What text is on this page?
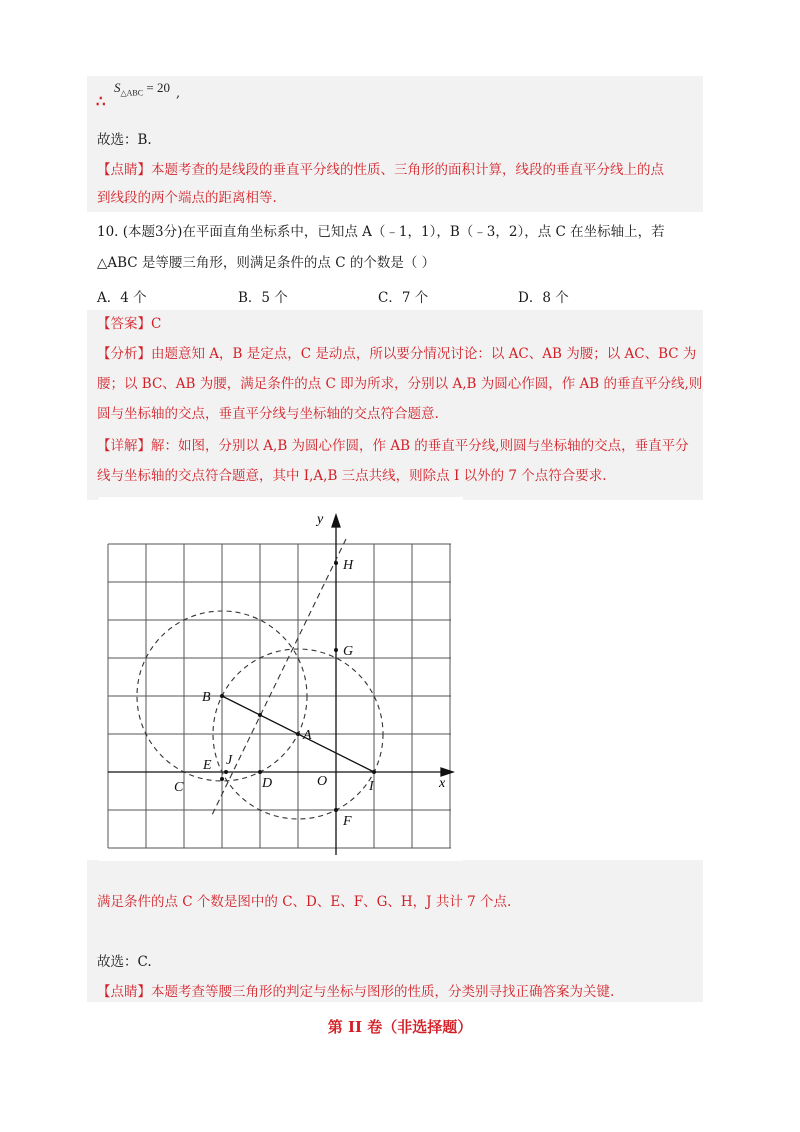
∴
$S_{\triangle ABC} = 20$ ,
故选：B.
【点睛】本题考查的是线段的垂直平分线的性质、三角形的面积计算，线段的垂直平分线上的点
到线段的两个端点的距离相等.
10. (本题3分)在平面直角坐标系中，已知点 A（﹣1，1），B（﹣3，2），点 C 在坐标轴上，若
△ABC 是等腰三角形，则满足条件的点 C 的个数是（ ）
A．4 个	B．5 个	C．7 个	D．8 个
【答案】C
【分析】由题意知 A，B 是定点，C 是动点，所以要分情况讨论：以 AC、AB 为腰；以 AC、BC 为
腰；以 BC、AB 为腰，满足条件的点 C 即为所求，分别以 A,B 为圆心作圆，作 AB 的垂直平分线,则
圆与坐标轴的交点，垂直平分线与坐标轴的交点符合题意.
【详解】解：如图，分别以 A,B 为圆心作圆，作 AB 的垂直平分线,则圆与坐标轴的交点，垂直平分
线与坐标轴的交点符合题意，其中 I,A,B 三点共线，则除点 I 以外的 7 个点符合要求.
y
x
H
G
B
A
E J
C	D	O	I
F
满足条件的点 C 个数是图中的 C、D、E、F、G、H，J 共计 7 个点.
故选：C.
【点睛】本题考查等腰三角形的判定与坐标与图形的性质，分类别寻找正确答案为关键.
第 II 卷（非选择题）
